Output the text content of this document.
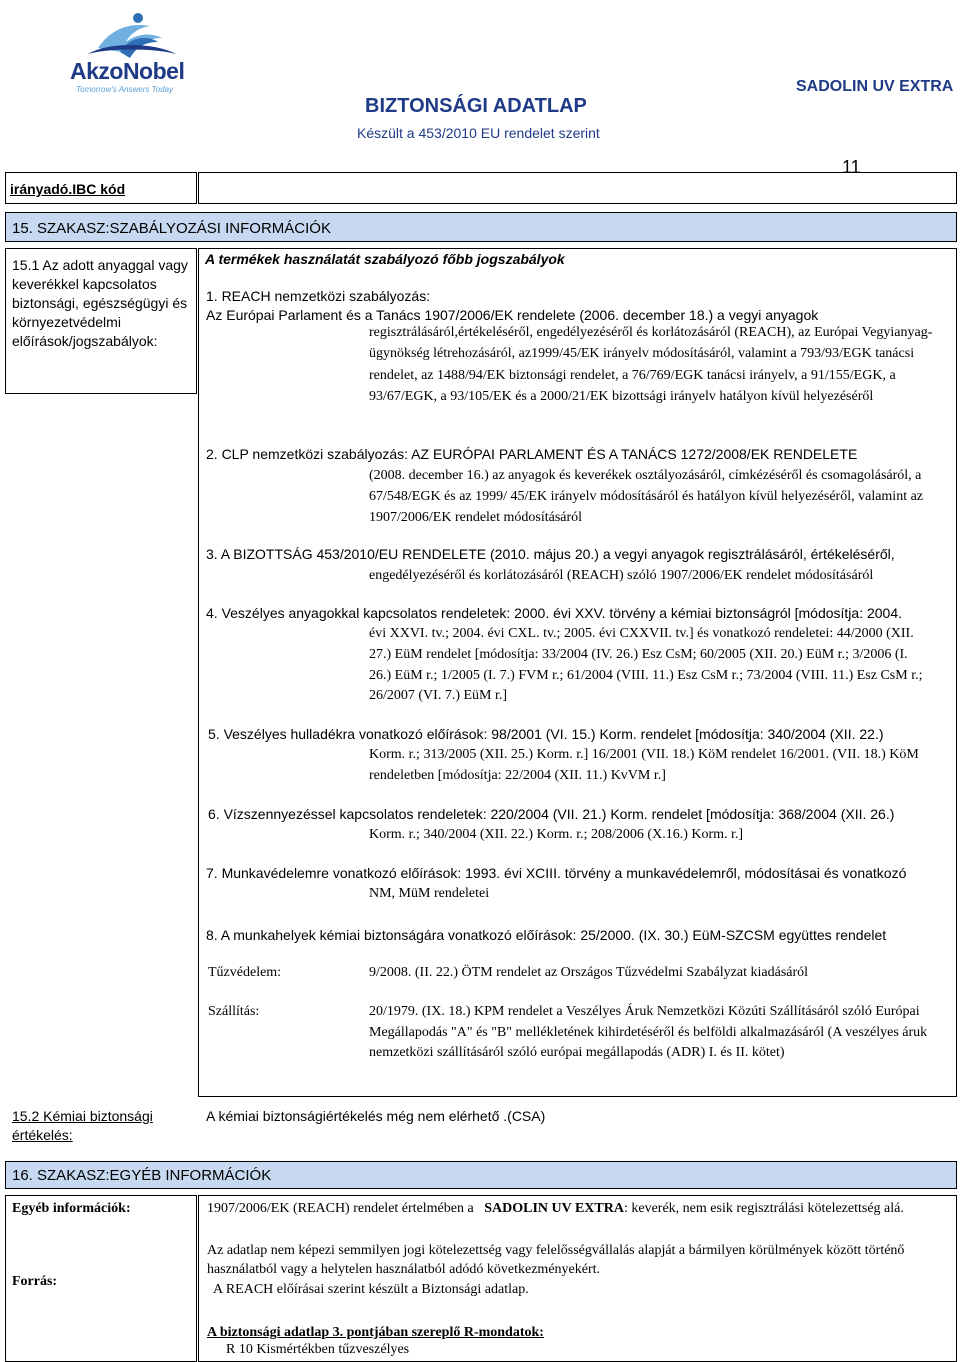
AkzoNobel
Tomorrow's Answers Today
BIZTONSÁGI ADATLAP
Készült a 453/2010 EU rendelet szerint
SADOLIN UV EXTRA
11
irányadó.IBC kód
15. SZAKASZ:SZABÁLYOZÁSI INFORMÁCIÓK
15.1 Az adott anyaggal vagy keverékkel kapcsolatos biztonsági, egészségügyi és környezetvédelmi előírások/jogszabályok:
A termékek használatát szabályozó főbb jogszabályok
1. REACH nemzetközi szabályozás:
Az Európai Parlament és a Tanács 1907/2006/EK rendelete (2006. december 18.) a vegyi anyagok
regisztrálásáról,értékeléséről, engedélyezéséről és korlátozásáról (REACH), az Európai Vegyianyag-ügynökség létrehozásáról, az1999/45/EK irányelv módosításáról, valamint a 793/93/EGK tanácsi rendelet, az 1488/94/EK biztonsági rendelet, a 76/769/EGK tanácsi irányelv, a 91/155/EGK, a 93/67/EGK, a 93/105/EK és a 2000/21/EK bizottsági irányelv hatályon kívül helyezéséről
2. CLP nemzetközi szabályozás: AZ EURÓPAI PARLAMENT ÉS A TANÁCS 1272/2008/EK RENDELETE
(2008. december 16.) az anyagok és keverékek osztályozásáról, címkézéséről és csomagolásáról, a 67/548/EGK és az 1999/ 45/EK irányelv módosításáról és hatályon kívül helyezéséről, valamint az 1907/2006/EK rendelet módosításáról
3. A BIZOTTSÁG 453/2010/EU RENDELETE (2010. május 20.) a vegyi anyagok regisztrálásáról, értékeléséről,
engedélyezéséről és korlátozásáról (REACH) szóló 1907/2006/EK rendelet módosításáról
4. Veszélyes anyagokkal kapcsolatos rendeletek: 2000. évi XXV. törvény a kémiai biztonságról [módosítja: 2004.
évi XXVI. tv.; 2004. évi CXL. tv.; 2005. évi CXXVII. tv.] és vonatkozó rendeletei: 44/2000 (XII. 27.) EüM rendelet [módosítja: 33/2004 (IV. 26.) Esz CsM; 60/2005 (XII. 20.) EüM r.; 3/2006 (I. 26.) EüM r.; 1/2005 (I. 7.) FVM r.; 61/2004 (VIII. 11.) Esz CsM r.; 73/2004 (VIII. 11.) Esz CsM r.; 26/2007 (VI. 7.) EüM r.]
5. Veszélyes hulladékra vonatkozó előírások: 98/2001 (VI. 15.) Korm. rendelet [módosítja: 340/2004 (XII. 22.)
Korm. r.; 313/2005 (XII. 25.) Korm. r.] 16/2001 (VII. 18.) KöM rendelet 16/2001. (VII. 18.) KöM rendeletben [módosítja: 22/2004 (XII. 11.) KvVM r.]
6. Vízszennyezéssel kapcsolatos rendeletek: 220/2004 (VII. 21.) Korm. rendelet [módosítja: 368/2004 (XII. 26.)
Korm. r.; 340/2004 (XII. 22.) Korm. r.; 208/2006 (X.16.) Korm. r.]
7. Munkavédelemre vonatkozó előírások: 1993. évi XCIII. törvény a munkavédelemről, módosításai és vonatkozó
NM, MüM rendeletei
8. A munkahelyek kémiai biztonságára vonatkozó előírások: 25/2000. (IX. 30.) EüM-SZCSM együttes rendelet
Tűzvédelem:	9/2008. (II. 22.) ÖTM rendelet az Országos Tűzvédelmi Szabályzat kiadásáról
Szállítás:	20/1979. (IX. 18.) KPM rendelet a Veszélyes Áruk Nemzetközi Közúti Szállításáról szóló Európai Megállapodás "A" és "B" mellékletének kihirdetéséről és belföldi alkalmazásáról (A veszélyes áruk nemzetközi szállításáról szóló európai megállapodás (ADR) I. és II. kötet)
15.2 Kémiai biztonsági értékelés:
A kémiai biztonságiértékelés még nem elérhető .(CSA)
16. SZAKASZ:EGYÉB INFORMÁCIÓK
Egyéb információk:
Forrás:
1907/2006/EK (REACH) rendelet értelmében a SADOLIN UV EXTRA: keverék, nem esik regisztrálási kötelezettség alá.
Az adatlap nem képezi semmilyen jogi kötelezettség vagy felelősségvállalás alapját a bármilyen körülmények között történő használatból vagy a helytelen használatból adódó következményekért.
A REACH előírásai szerint készült a Biztonsági adatlap.
A biztonsági adatlap 3. pontjában szereplő R-mondatok:
R 10 Kismértékben tűzveszélyes
